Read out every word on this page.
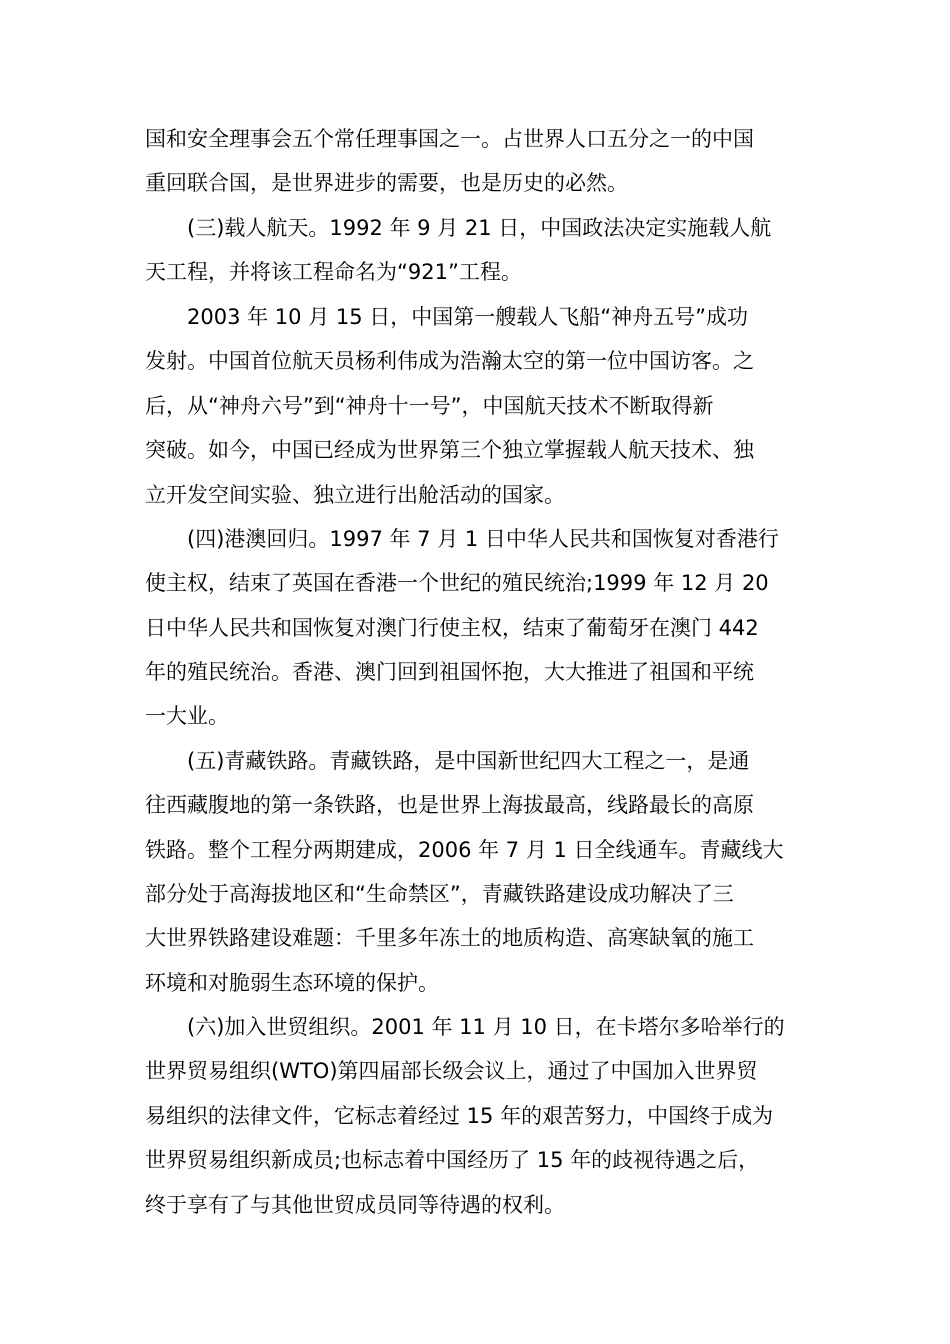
国和安全理事会五个常任理事国之一。占世界人口五分之一的中国
重回联合国，是世界进步的需要，也是历史的必然。
(三)载人航天。1992 年 9 月 21 日，中国政法决定实施载人航
天工程，并将该工程命名为“921”工程。
2003 年 10 月 15 日，中国第一艘载人飞船“神舟五号”成功
发射。中国首位航天员杨利伟成为浩瀚太空的第一位中国访客。之
后，从“神舟六号”到“神舟十一号”，中国航天技术不断取得新
突破。如今，中国已经成为世界第三个独立掌握载人航天技术、独
立开发空间实验、独立进行出舱活动的国家。
(四)港澳回归。1997 年 7 月 1 日中华人民共和国恢复对香港行
使主权，结束了英国在香港一个世纪的殖民统治;1999 年 12 月 20
日中华人民共和国恢复对澳门行使主权，结束了葡萄牙在澳门 442
年的殖民统治。香港、澳门回到祖国怀抱，大大推进了祖国和平统
一大业。
(五)青藏铁路。青藏铁路，是中国新世纪四大工程之一，是通
往西藏腹地的第一条铁路，也是世界上海拔最高，线路最长的高原
铁路。整个工程分两期建成，2006 年 7 月 1 日全线通车。青藏线大
部分处于高海拔地区和“生命禁区”，青藏铁路建设成功解决了三
大世界铁路建设难题：千里多年冻土的地质构造、高寒缺氧的施工
环境和对脆弱生态环境的保护。
(六)加入世贸组织。2001 年 11 月 10 日，在卡塔尔多哈举行的
世界贸易组织(WTO)第四届部长级会议上，通过了中国加入世界贸
易组织的法律文件，它标志着经过 15 年的艰苦努力，中国终于成为
世界贸易组织新成员;也标志着中国经历了 15 年的歧视待遇之后，
终于享有了与其他世贸成员同等待遇的权利。
